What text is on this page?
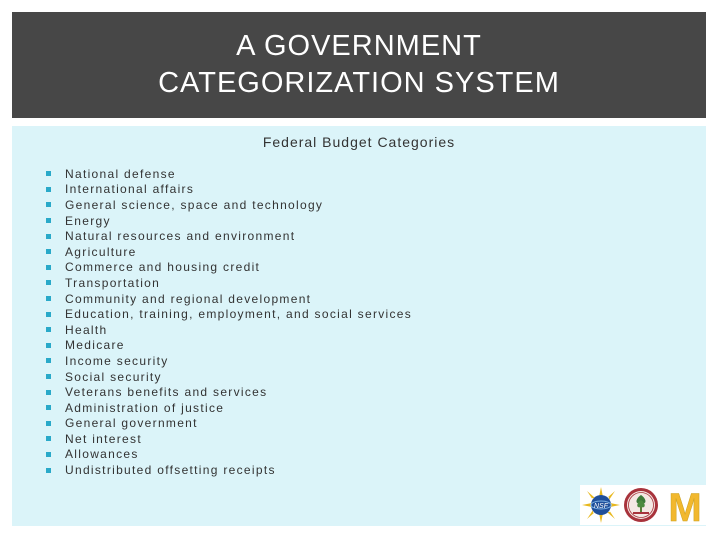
A GOVERNMENT
CATEGORIZATION SYSTEM
Federal Budget Categories
National defense
International affairs
General science, space and technology
Energy
Natural resources and environment
Agriculture
Commerce and housing credit
Transportation
Community and regional development
Education, training, employment, and social services
Health
Medicare
Income security
Social security
Veterans benefits and services
Administration of justice
General government
Net interest
Allowances
Undistributed offsetting receipts
NSF M
